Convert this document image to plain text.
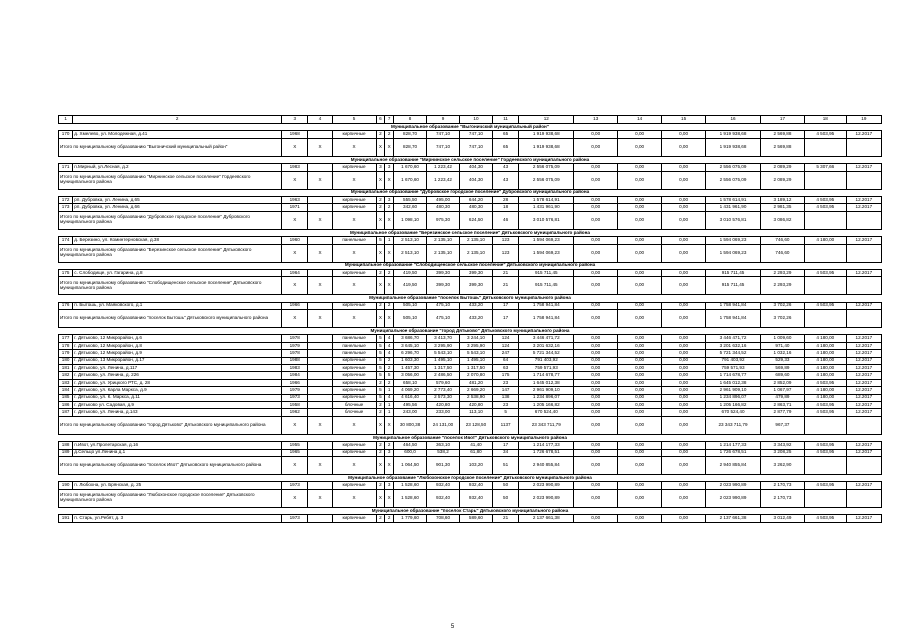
1	2	3	4	5	6	7	8	9	10	11	12	13	14	15	16	17	18	19
Муниципальное образование "Выгоничский муниципальный район"																		
170	д. Хмелево, ул. Молодежная, д.41	1968		кирпичные	2	2	828,70	747,10	747,10	65	1 919 938,68	0,00	0,00	0,00	1 919 938,68	2 569,88	4 503,95	12.2017
Итого по муниципальному образованию "Выгоничский муниципальный район"		X	X	X	X	X	828,70	747,10	747,10	65	1 919 938,68	0,00	0,00	0,00	1 919 938,68	2 569,88		
Муниципальное образование "Мирнинское сельское поселение" Гордеевского муниципального района																		
171	п.Мирный, ул.Лесная, д.2	1983		кирпичные	3	3	1 670,60	1 223,42	404,30	43	2 556 075,09	0,00	0,00	0,00	2 556 075,09	2 089,29	5 307,66	12.2017
Итого по муниципальному образованию "Мирнинское сельское поселение" Гордеевского муниципального района		X	X	X	X	X	1 670,60	1 223,42	404,30	43	2 556 075,09	0,00	0,00	0,00	2 556 075,09	2 089,29		
Муниципальное образование "Дубровское городское поселение" Дубровского муниципального района																		
172	рп. Дубровка, ул. Ленина, д.65	1963		кирпичные	2	3	555,50	495,00	644,20	28	1 578 614,91	0,00	0,00	0,00	1 578 614,91	3 189,12	4 503,95	12.2017
173	рп. Дубровка, ул. Ленина, д.66	1971		кирпичные	2	2	342,60	480,30	480,30	18	1 431 961,90	0,00	0,00	0,00	1 431 961,90	2 981,35	4 503,95	12.2017
Итого по муниципальному образованию "Дубровское городское поселение" Дубровского муниципального района		X	X	X	X	X	1 098,10	975,30	624,50	46	3 010 576,81	0,00	0,00	0,00	3 010 576,81	3 086,82		
Муниципальное образование "Березинское сельское поселение" Дятьковского муниципального района																		
174	д. Березино, ул. Коминтерновская, д.38	1960		панельные	5	1	2 513,10	2 135,10	2 135,10	123	1 594 069,23	0,00	0,00	0,00	1 594 069,23	746,60	4 180,00	12.2017
Итого по муниципальному образованию "Березинское сельское поселение" Дятьковского муниципального района		X	X	X	X	X	2 513,10	2 135,10	2 135,10	123	1 594 069,23	0,00	0,00	0,00	1 594 069,23	746,60		
Муниципальное образование "Слободищенское сельское поселение" Дятьковского муниципального района																		
175	с. Слободище, ул. Гагарина, д.8	1964		кирпичные	2	2	419,50	399,30	399,30	21	915 711,45	0,00	0,00	0,00	915 711,45	2 293,29	4 503,95	12.2017
Итого по муниципальному образованию "Слободищенское сельское поселение" Дятьковского муниципального района		X	X	X	X	X	419,50	399,30	399,30	21	915 711,45	0,00	0,00	0,00	915 711,45	2 293,29		
Муниципальное образование "поселок Бытошь" Дятьковского муниципального района																		
176	п. Бытошь, ул. Маяковского, д.1	1966		кирпичные	2	2	505,10	475,10	433,20	17	1 758 941,84	0,00	0,00	0,00	1 758 941,84	3 702,26	4 503,95	12.2017
Итого по муниципальному образованию "поселок Бытошь" Дятьковского муниципального района		X	X	X	X	X	505,10	475,10	433,20	17	1 758 941,84	0,00	0,00	0,00	1 758 941,84	3 702,26		
Муниципальное образование "город Дятьково" Дятьковского муниципального района																		
177	г. Дятьково, 12 Микрорайон, д.6	1978		панельные	5	4	3 686,70	3 413,70	3 244,10	124	3 446 471,72	0,00	0,00	0,00	3 446 471,72	1 009,60	4 180,00	12.2017
178	г. Дятьково, 12 Микрорайон, д.8	1979		панельные	5	4	3 645,10	3 295,90	3 295,90	124	3 201 632,16	0,00	0,00	0,00	3 201 632,16	971,40	4 180,00	12.2017
179	г. Дятьково, 12 Микрорайон, д.9	1978		панельные	5	4	6 296,70	5 543,10	5 543,10	247	5 721 344,52	0,00	0,00	0,00	5 721 344,52	1 032,16	4 180,00	12.2017
180	г. Дятьково, 13 Микрорайон, д.17	1988		кирпичные	5	2	1 603,30	1 495,10	1 495,10	64	791 403,92	0,00	0,00	0,00	791 403,92	529,33	4 180,00	12.2017
181	г. Дятьково, ул. Ленина, д.117	1983		кирпичные	5	2	1 457,30	1 317,50	1 317,50	63	759 571,93	0,00	0,00	0,00	759 571,93	569,89	4 180,00	12.2017
182	г. Дятьково, ул. Ленина, д. 226	1984		кирпичные	5	5	3 056,00	2 486,50	2 070,80	175	1 714 678,77	0,00	0,00	0,00	1 714 678,77	689,60	4 180,00	12.2017
183	г. Дятьково, ул. Урицкого РТС, д. 28	1966		кирпичные	2	2	658,10	579,60	481,20	23	1 645 012,38	0,00	0,00	0,00	1 645 012,38	2 852,09	4 503,95	12.2017
184	г. Дятьково, ул. Карла Маркса, д.9	1979		кирпичные	5	1	4 069,20	2 773,40	2 669,20	147	2 961 909,10	0,00	0,00	0,00	2 961 909,10	1 067,97	4 180,00	12.2017
185	г. Дятьково, ул. К. Маркса, д.11	1973		кирпичные	5	4	4 616,40	2 573,30	2 538,90	138	1 234 896,07	0,00	0,00	0,00	1 234 896,07	479,89	4 180,00	12.2017
186	г. Дятьково ул. Садовая, д.9	1958		блочные	2	1	495,56	420,80	420,80	23	1 205 166,82	0,00	0,00	0,00	1 205 166,82	2 863,71	4 503,95	12.2017
187	г. Дятьково, ул. Ленина, д.143	1962		блочные	2	1	243,00	233,00	113,10	5	670 524,40	0,00	0,00	0,00	670 524,40	2 877,79	4 503,95	12.2017
Итого по муниципальному образованию "город Дятьково" Дятьковского муниципального района		X	X	X	X	X	30 800,38	24 131,00	23 128,50	1137	23 343 711,79	0,00	0,00	0,00	23 343 711,79	967,37		
Муниципальное образование "поселок Ивот" Дятьковского муниципального района																		
188	п.Ивот, ул.Пролетарская, д.16	1955		кирпичные	2	2	464,50	363,10	41,40	17	1 214 177,33	0,00	0,00	0,00	1 214 177,33	3 343,92	4 503,95	12.2017
189	д.Сельцо ул.Ленина д.1	1965		кирпичные	2	3	600,0	538,2	61,80	34	1 726 678,51	0,00	0,00	0,00	1 726 678,51	3 208,25	4 503,95	12.2017
Итого по муниципальному образованию "поселок Ивот" Дятьковского муниципального района		X	X	X	X	X	1 064,50	901,30	103,20	51	2 940 855,84	0,00	0,00	0,00	2 940 855,84	3 262,90		
Муниципальное образование "Любохонское городское поселение" Дятьковского муниципального района																		
190	п. Любохна, ул. Брянская, д. 25	1973		кирпичные	2	3	1 528,60	932,40	932,40	50	2 023 990,89	0,00	0,00	0,00	2 023 990,89	2 170,73	4 503,95	12.2017
Итого по муниципальному образованию "Любохонское городское поселение" Дятьковского муниципального района		X	X	X	X	X	1 528,60	932,40	932,40	50	2 023 990,89	0,00	0,00	0,00	2 023 990,89	2 170,73		
Муниципальное образование "поселок Старь" Дятьковского муниципального района																		
191	п. Старь, ул.Ребят, д. 3	1973		кирпичные	2	2	1 779,60	708,60	589,60	21	2 137 661,38	0,00	0,00	0,00	2 137 661,38	3 012,49	4 503,95	12.2017
5
